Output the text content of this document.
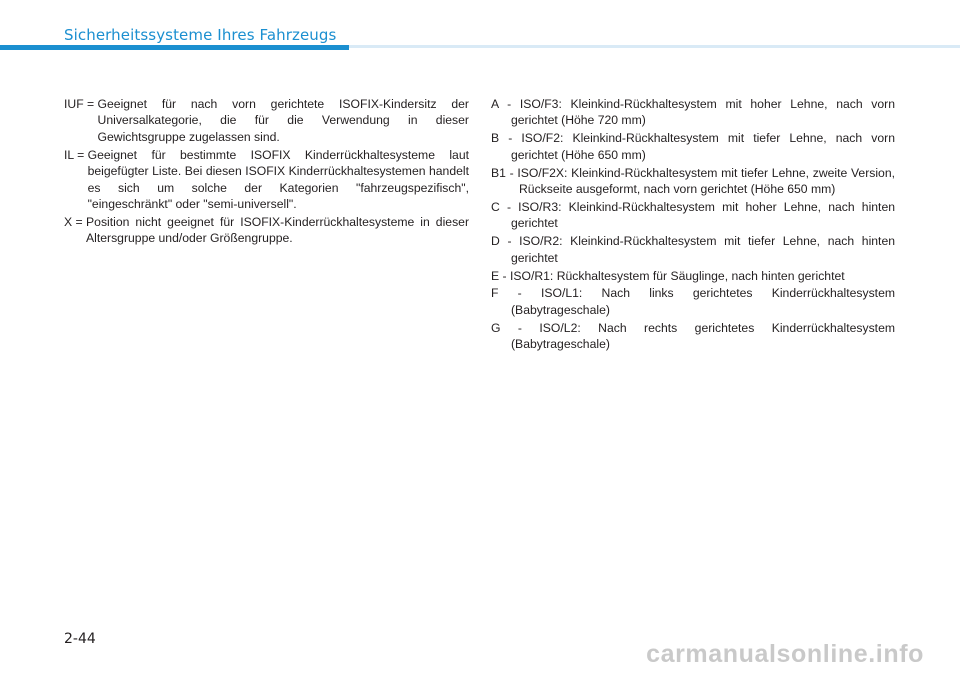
Sicherheitssysteme Ihres Fahrzeugs
IUF = Geeignet für nach vorn gerichtete ISOFIX-Kindersitz der Universalkategorie, die für die Verwendung in dieser Gewichtsgruppe zugelassen sind.
IL = Geeignet für bestimmte ISOFIX Kinderrückhaltesysteme laut beigefügter Liste. Bei diesen ISOFIX Kinderrückhaltesystemen handelt es sich um solche der Kategorien "fahrzeugspezifisch", "eingeschränkt" oder "semi-universell".
X = Position nicht geeignet für ISOFIX-Kinderrückhaltesysteme in dieser Altersgruppe und/oder Größengruppe.
A - ISO/F3: Kleinkind-Rückhaltesystem mit hoher Lehne, nach vorn gerichtet (Höhe 720 mm)
B - ISO/F2: Kleinkind-Rückhaltesystem mit tiefer Lehne, nach vorn gerichtet (Höhe 650 mm)
B1 - ISO/F2X: Kleinkind-Rückhaltesystem mit tiefer Lehne, zweite Version, Rückseite ausgeformt, nach vorn gerichtet (Höhe 650 mm)
C - ISO/R3: Kleinkind-Rückhaltesystem mit hoher Lehne, nach hinten gerichtet
D - ISO/R2: Kleinkind-Rückhaltesystem mit tiefer Lehne, nach hinten gerichtet
E - ISO/R1: Rückhaltesystem für Säuglinge, nach hinten gerichtet
F - ISO/L1: Nach links gerichtetes Kinderrückhaltesystem (Babytrageschale)
G - ISO/L2: Nach rechts gerichtetes Kinderrückhaltesystem (Babytrageschale)
2-44
carmanualsonline.info
